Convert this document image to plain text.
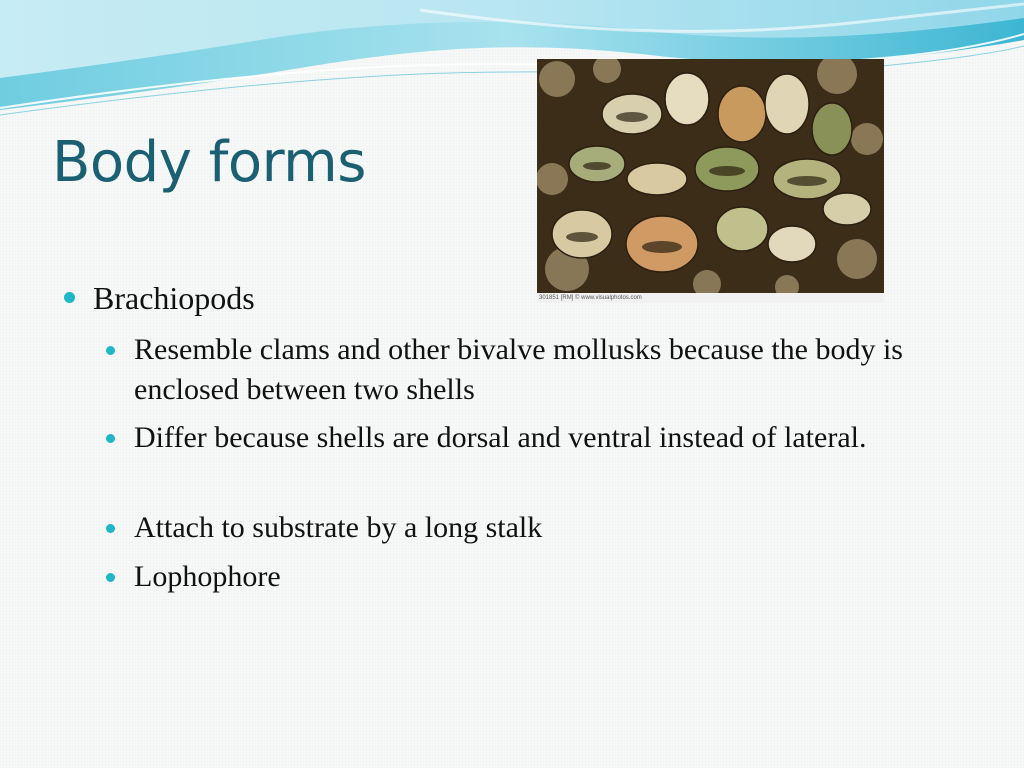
Body forms
301851 [RM] © www.visualphotos.com
Brachiopods
Resemble clams and other bivalve mollusks because the body is enclosed between two shells
Differ because shells are dorsal and ventral instead of lateral.
Attach to substrate by a long stalk
Lophophore
